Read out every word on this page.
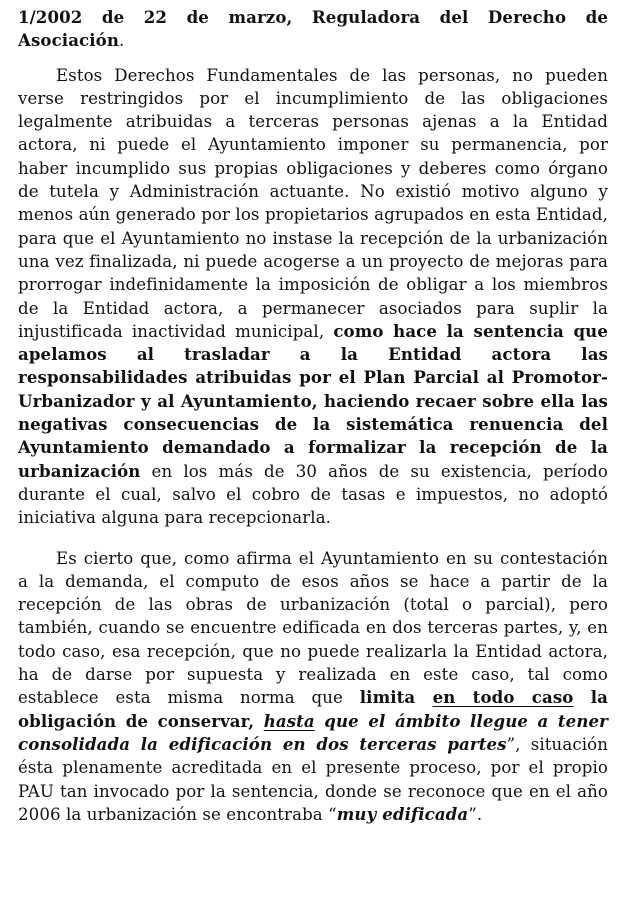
1/2002 de 22 de marzo, Reguladora del Derecho de Asociación.

Estos Derechos Fundamentales de las personas, no pueden verse restringidos por el incumplimiento de las obligaciones legalmente atribuidas a terceras personas ajenas a la Entidad actora, ni puede el Ayuntamiento imponer su permanencia, por haber incumplido sus propias obligaciones y deberes como órgano de tutela y Administración actuante. No existió motivo alguno y menos aún generado por los propietarios agrupados en esta Entidad, para que el Ayuntamiento no instase la recepción de la urbanización una vez finalizada, ni puede acogerse a un proyecto de mejoras para prorrogar indefinidamente la imposición de obligar a los miembros de la Entidad actora, a permanecer asociados para suplir la injustificada inactividad municipal, como hace la sentencia que apelamos al trasladar a la Entidad actora las responsabilidades atribuidas por el Plan Parcial al Promotor-Urbanizador y al Ayuntamiento, haciendo recaer sobre ella las negativas consecuencias de la sistemática renuencia del Ayuntamiento demandado a formalizar la recepción de la urbanización en los más de 30 años de su existencia, período durante el cual, salvo el cobro de tasas e impuestos, no adoptó iniciativa alguna para recepcionarla.

Es cierto que, como afirma el Ayuntamiento en su contestación a la demanda, el computo de esos años se hace a partir de la recepción de las obras de urbanización (total o parcial), pero también, cuando se encuentre edificada en dos terceras partes, y, en todo caso, esa recepción, que no puede realizarla la Entidad actora, ha de darse por supuesta y realizada en este caso, tal como establece esta misma norma que limita en todo caso la obligación de conservar, hasta que el ámbito llegue a tener consolidada la edificación en dos terceras partes”, situación ésta plenamente acreditada en el presente proceso, por el propio PAU tan invocado por la sentencia, donde se reconoce que en el año 2006 la urbanización se encontraba “muy edificada”.
